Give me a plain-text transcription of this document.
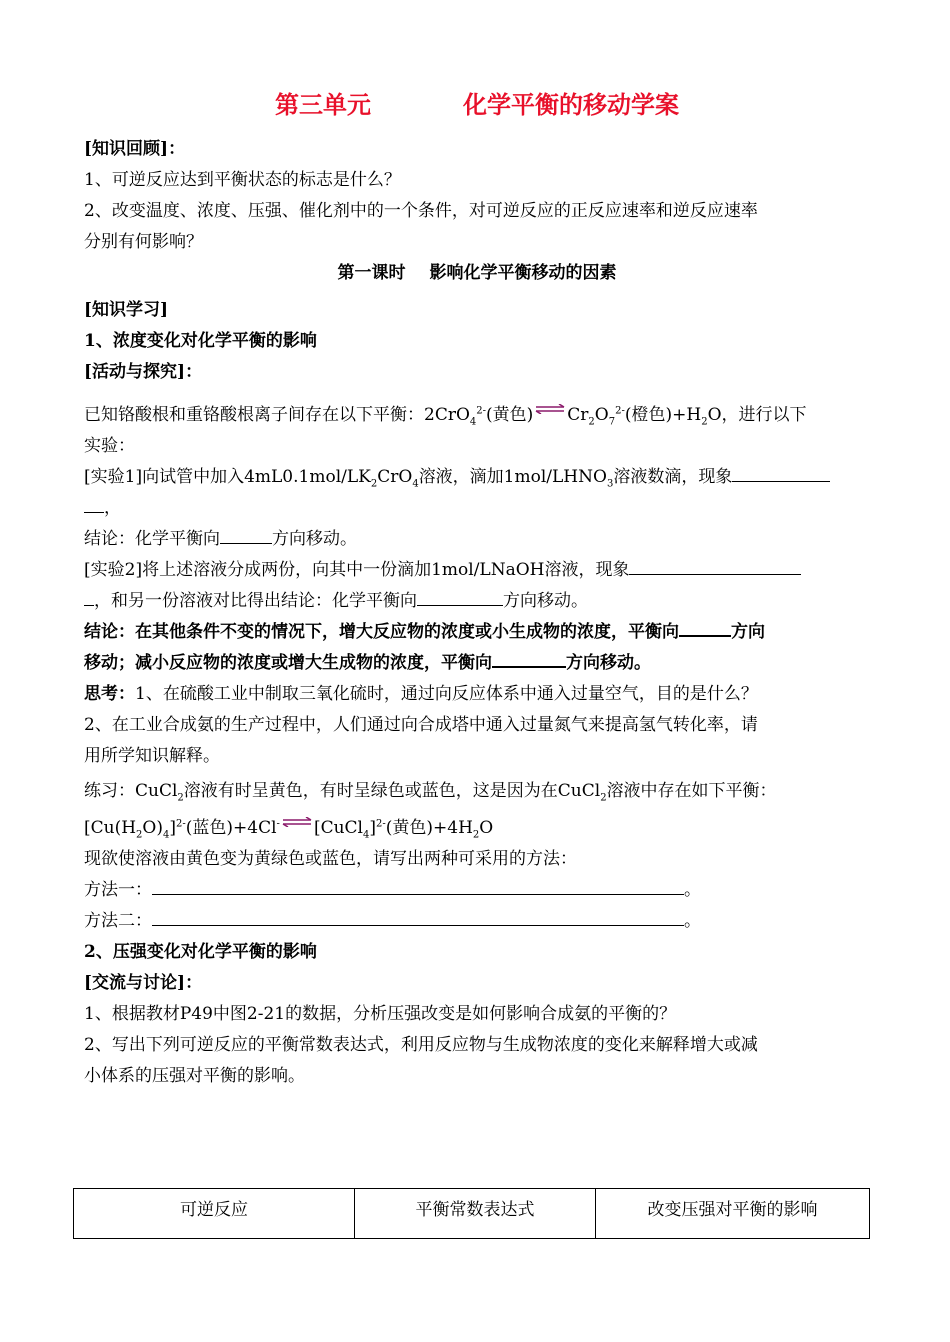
第三单元	化学平衡的移动学案
[知识回顾]：
1、可逆反应达到平衡状态的标志是什么？
2、改变温度、浓度、压强、催化剂中的一个条件，对可逆反应的正反应速率和逆反应速率
分别有何影响？
第一课时 影响化学平衡移动的因素
[知识学习]
1、浓度变化对化学平衡的影响
[活动与探究]：
已知铬酸根和重铬酸根离子间存在以下平衡：2CrO$_4^{2-}$(黄色) ⇌ $Cr_2O_7^{2-}$(橙色)$+H_2O$，进行以下
实验：
[实验1]向试管中加入$4mL0.1mol/LK_2CrO_4$溶液，滴加$1mol/LHNO_3$溶液数滴，现象
，
结论：化学平衡向	方向移动。
[实验2]将上述溶液分成两份，向其中一份滴加1mol/LNaOH溶液，现象
，和另一份溶液对比得出结论：化学平衡向	方向移动。
结论：在其他条件不变的情况下，增大反应物的浓度或小生成物的浓度，平衡向	方向
移动；减小反应物的浓度或增大生成物的浓度，平衡向	方向移动。
思考：1、在硫酸工业中制取三氧化硫时，通过向反应体系中通入过量空气，目的是什么？
2、在工业合成氨的生产过程中，人们通过向合成塔中通入过量氮气来提高氢气转化率，请
用所学知识解释。
练习：CuCl$_2$溶液有时呈黄色，有时呈绿色或蓝色，这是因为在CuCl$_2$溶液中存在如下平衡：
$[Cu(H_2O)_4]^{2-}$(蓝色)+4Cl- ⇌ [CuCl$_4$]$^{2-}$(黄色)$+4H_2O$
现欲使溶液由黄色变为黄绿色或蓝色，请写出两种可采用的方法：
方法一：	。
方法二：	。
2、压强变化对化学平衡的影响
[交流与讨论]：
1、根据教材P49中图2-21的数据，分析压强改变是如何影响合成氨的平衡的？
2、写出下列可逆反应的平衡常数表达式，利用反应物与生成物浓度的变化来解释增大或减
小体系的压强对平衡的影响。
可逆反应	平衡常数表达式	改变压强对平衡的影响
